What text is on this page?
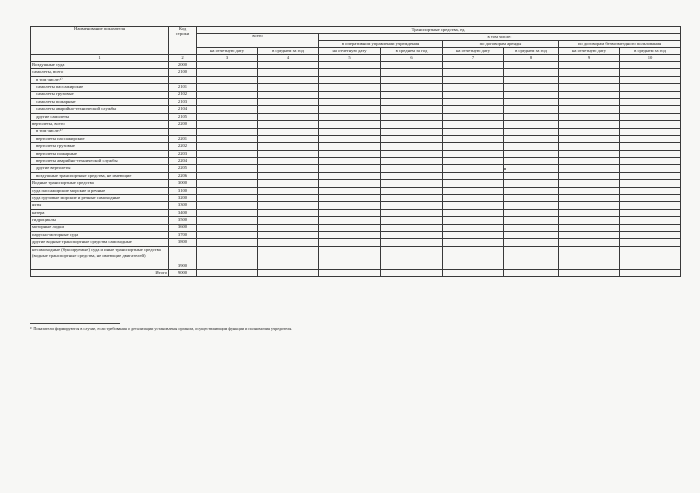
Наименование показателя	Код
строки	Транспортные средства, ед.							
		всего		в том числе:					
				в оперативном управлении учреждения		по договорам аренды		по договорам безвозмездного пользования	
		на отчетную дату	в среднем за год	на отчетную дату	в среднем за год	на отчетную дату	в среднем за год	на отчетную дату	в среднем за год
1	2	3	4	5	6	7	8	9	10
Воздушные суда	2000								
самолеты, всего	2100								
в том числе:¹⁾									
самолеты пассажирские	2101								
самолеты грузовые	2102								
самолеты пожарные	2103								
самолеты аварийно-технической службы	2104								
другие самолеты	2105								
вертолеты, всего	2200								
в том числе:¹⁾									
вертолеты пассажирские	2201								
вертолеты грузовые	2202								
вертолеты пожарные	2203								
вертолеты аварийно-технической службы	2204								
другие вертолеты	2205								
воздушные транспортные средства, не имеющие	2206								
Водные транспортные средства	3000								
суда пассажирские морские и речные	3100								
суда грузовые морские и речные самоходные	3200								
яхты	3300								
катера	3400								
гидроциклы	3500								
моторные лодки	3600								
парусно-моторные суда	3700								
другие водные транспортные средства самоходные	3800								
несамоходные (буксируемые) суда и иные транспортные средства (водные транспортные средства, не имеющие двигателей)	3900								
Итого	9000								
¹⁾ Показатели формируются в случае, если требования о детализации установлены органом, осуществляющим функции и полномочия учредителя.
